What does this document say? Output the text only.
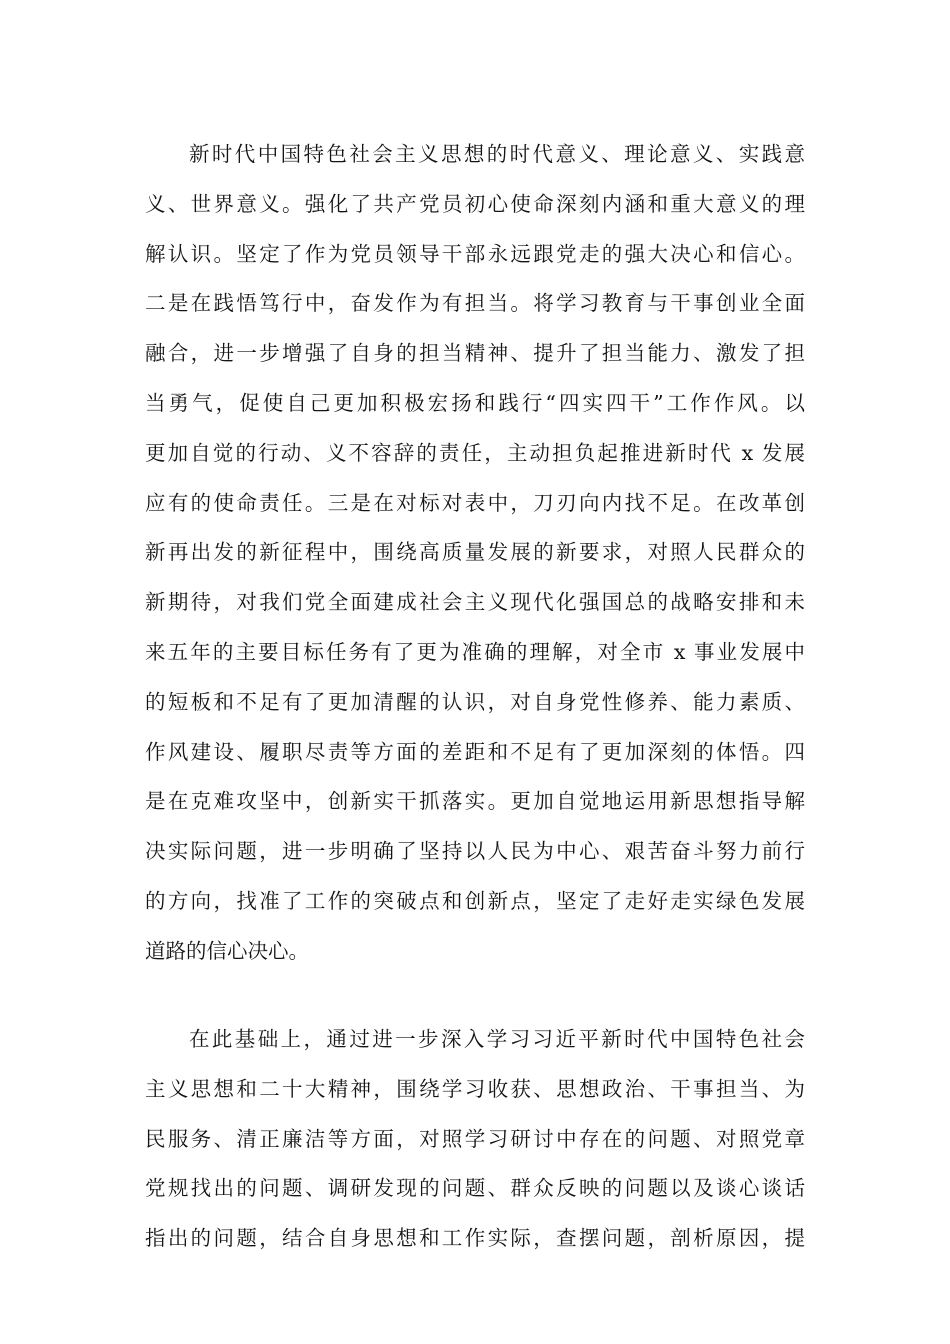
新时代中国特色社会主义思想的时代意义、理论意义、实践意
义、世界意义。强化了共产党员初心使命深刻内涵和重大意义的理
解认识。坚定了作为党员领导干部永远跟党走的强大决心和信心。
二是在践悟笃行中，奋发作为有担当。将学习教育与干事创业全面
融合，进一步增强了自身的担当精神、提升了担当能力、激发了担
当勇气，促使自己更加积极宏扬和践行“四实四干”工作作风。以
更加自觉的行动、义不容辞的责任，主动担负起推进新时代 x 发展
应有的使命责任。三是在对标对表中，刀刃向内找不足。在改革创
新再出发的新征程中，围绕高质量发展的新要求，对照人民群众的
新期待，对我们党全面建成社会主义现代化强国总的战略安排和未
来五年的主要目标任务有了更为准确的理解，对全市 x 事业发展中
的短板和不足有了更加清醒的认识，对自身党性修养、能力素质、
作风建设、履职尽责等方面的差距和不足有了更加深刻的体悟。四
是在克难攻坚中，创新实干抓落实。更加自觉地运用新思想指导解
决实际问题，进一步明确了坚持以人民为中心、艰苦奋斗努力前行
的方向，找准了工作的突破点和创新点，坚定了走好走实绿色发展
道路的信心决心。
在此基础上，通过进一步深入学习习近平新时代中国特色社会
主义思想和二十大精神，围绕学习收获、思想政治、干事担当、为
民服务、清正廉洁等方面，对照学习研讨中存在的问题、对照党章
党规找出的问题、调研发现的问题、群众反映的问题以及谈心谈话
指出的问题，结合自身思想和工作实际，查摆问题，剖析原因，提
